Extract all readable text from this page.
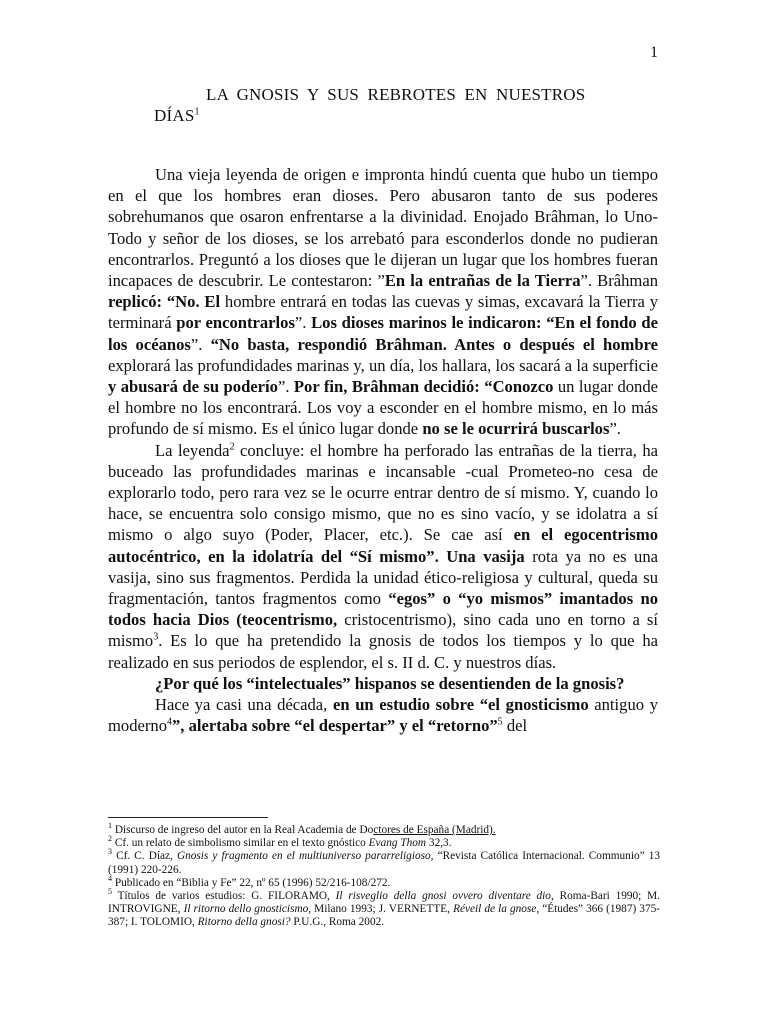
1
LA GNOSIS Y SUS REBROTES EN NUESTROS
DÍAS$^1$

Una vieja leyenda de origen e impronta hindú cuenta que hubo un tiempo en el que los hombres eran dioses. Pero abusaron tanto de sus poderes sobrehumanos que osaron enfrentarse a la divinidad. Enojado Brâhman, lo Uno-Todo y señor de los dioses, se los arrebató para esconderlos donde no pudieran encontrarlos. Preguntó a los dioses que le dijeran un lugar que los hombres fueran incapaces de descubrir. Le contestaron: ”En la entrañas de la Tierra”. Brâhman replicó: “No. El hombre entrará en todas las cuevas y simas, excavará la Tierra y terminará por encontrarlos”. Los dioses marinos le indicaron: “En el fondo de los océanos”. “No basta, respondió Brâhman. Antes o después el hombre explorará las profundidades marinas y, un día, los hallara, los sacará a la superficie y abusará de su poderío”. Por fin, Brâhman decidió: “Conozco un lugar donde el hombre no los encontrará. Los voy a esconder en el hombre mismo, en lo más profundo de sí mismo. Es el único lugar donde no se le ocurrirá buscarlos”.

La leyenda$^2$ concluye: el hombre ha perforado las entrañas de la tierra, ha buceado las profundidades marinas e incansable -cual Prometeo-no cesa de explorarlo todo, pero rara vez se le ocurre entrar dentro de sí mismo. Y, cuando lo hace, se encuentra solo consigo mismo, que no es sino vacío, y se idolatra a sí mismo o algo suyo (Poder, Placer, etc.). Se cae así en el egocentrismo autocéntrico, en la idolatría del “Sí mismo”. Una vasija rota ya no es una vasija, sino sus fragmentos. Perdida la unidad ético-religiosa y cultural, queda su fragmentación, tantos fragmentos como “egos” o “yo mismos” imantados no todos hacia Dios (teocentrismo, cristocentrismo), sino cada uno en torno a sí mismo$^3$. Es lo que ha pretendido la gnosis de todos los tiempos y lo que ha realizado en sus periodos de esplendor, el s. II d. C. y nuestros días.

¿Por qué los “intelectuales” hispanos se desentienden de la gnosis?

Hace ya casi una década, en un estudio sobre “el gnosticismo antiguo y moderno$^4$”, alertaba sobre “el despertar” y el “retorno”$^5$ del

$^1$ Discurso de ingreso del autor en la Real Academia de Doctores de España (Madrid).

$^2$ Cf. un relato de simbolismo similar en el texto gnóstico Evang Thom 32,3.

$^3$ Cf. C. Díaz, Gnosis y fragmento en el multiuniverso pararreligioso, “Revista Católica Internacional. Communio” 13 (1991) 220-226.

$^4$ Publicado en “Biblia y Fe” 22, nº 65 (1996) 52/216-108/272.

$^5$ Títulos de varios estudios: G. FILORAMO, Il risveglio della gnosi ovvero diventare dio, Roma-Bari 1990; M. INTROVIGNE, Il ritorno dello gnosticismo, Milano 1993; J. VERNETTE, Réveil de la gnose, “Études” 366 (1987) 375-387; I. TOLOMIO, Ritorno della gnosi? P.U.G., Roma 2002.
